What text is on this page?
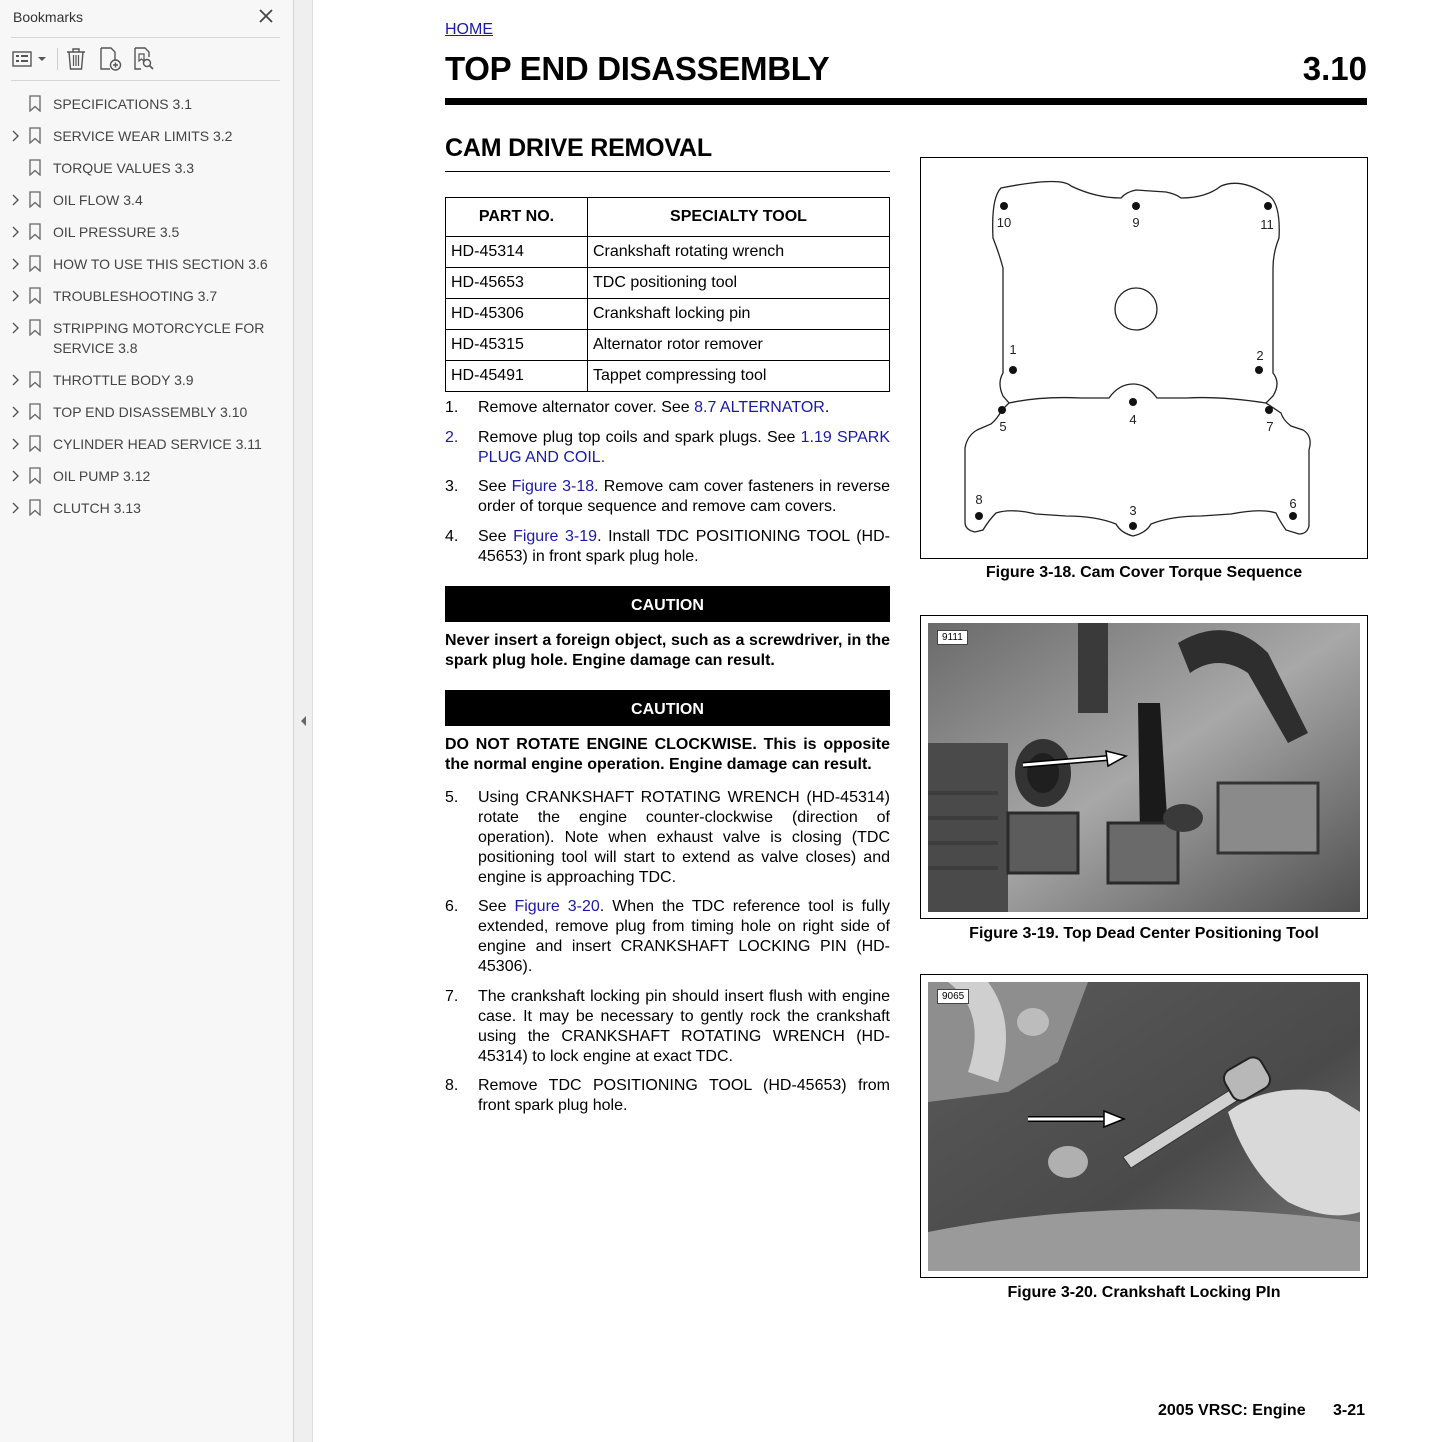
Bookmarks
SPECIFICATIONS 3.1
SERVICE WEAR LIMITS 3.2
TORQUE VALUES 3.3
OIL FLOW 3.4
OIL PRESSURE 3.5
HOW TO USE THIS SECTION 3.6
TROUBLESHOOTING 3.7
STRIPPING MOTORCYCLE FOR SERVICE 3.8
THROTTLE BODY 3.9
TOP END DISASSEMBLY 3.10
CYLINDER HEAD SERVICE 3.11
OIL PUMP 3.12
CLUTCH 3.13
HOME
TOP END DISASSEMBLY	3.10
CAM DRIVE REMOVAL
PART NO.	SPECIALTY TOOL
HD-45314	Crankshaft rotating wrench
HD-45653	TDC positioning tool
HD-45306	Crankshaft locking pin
HD-45315	Alternator rotor remover
HD-45491	Tappet compressing tool
1. Remove alternator cover. See 8.7 ALTERNATOR.
2. Remove plug top coils and spark plugs. See 1.19 SPARK PLUG AND COIL.
3. See Figure 3-18. Remove cam cover fasteners in reverse order of torque sequence and remove cam covers.
4. See Figure 3-19. Install TDC POSITIONING TOOL (HD-45653) in front spark plug hole.
CAUTION
Never insert a foreign object, such as a screwdriver, in the spark plug hole. Engine damage can result.
CAUTION
DO NOT ROTATE ENGINE CLOCKWISE. This is opposite the normal engine operation. Engine damage can result.
5. Using CRANKSHAFT ROTATING WRENCH (HD-45314) rotate the engine counter-clockwise (direction of operation). Note when exhaust valve is closing (TDC positioning tool will start to extend as valve closes) and engine is approaching TDC.
6. See Figure 3-20. When the TDC reference tool is fully extended, remove plug from timing hole on right side of engine and insert CRANKSHAFT LOCKING PIN (HD-45306).
7. The crankshaft locking pin should insert flush with engine case. It may be necessary to gently rock the crankshaft using the CRANKSHAFT ROTATING WRENCH (HD-45314) to lock engine at exact TDC.
8. Remove TDC POSITIONING TOOL (HD-45653) from front spark plug hole.
1	2
3
4
5
6
7
8
9
10	11
Figure 3-18. Cam Cover Torque Sequence
9111
Figure 3-19. Top Dead Center Positioning Tool
9065
Figure 3-20. Crankshaft Locking PIn
2005 VRSC: Engine 3-21
